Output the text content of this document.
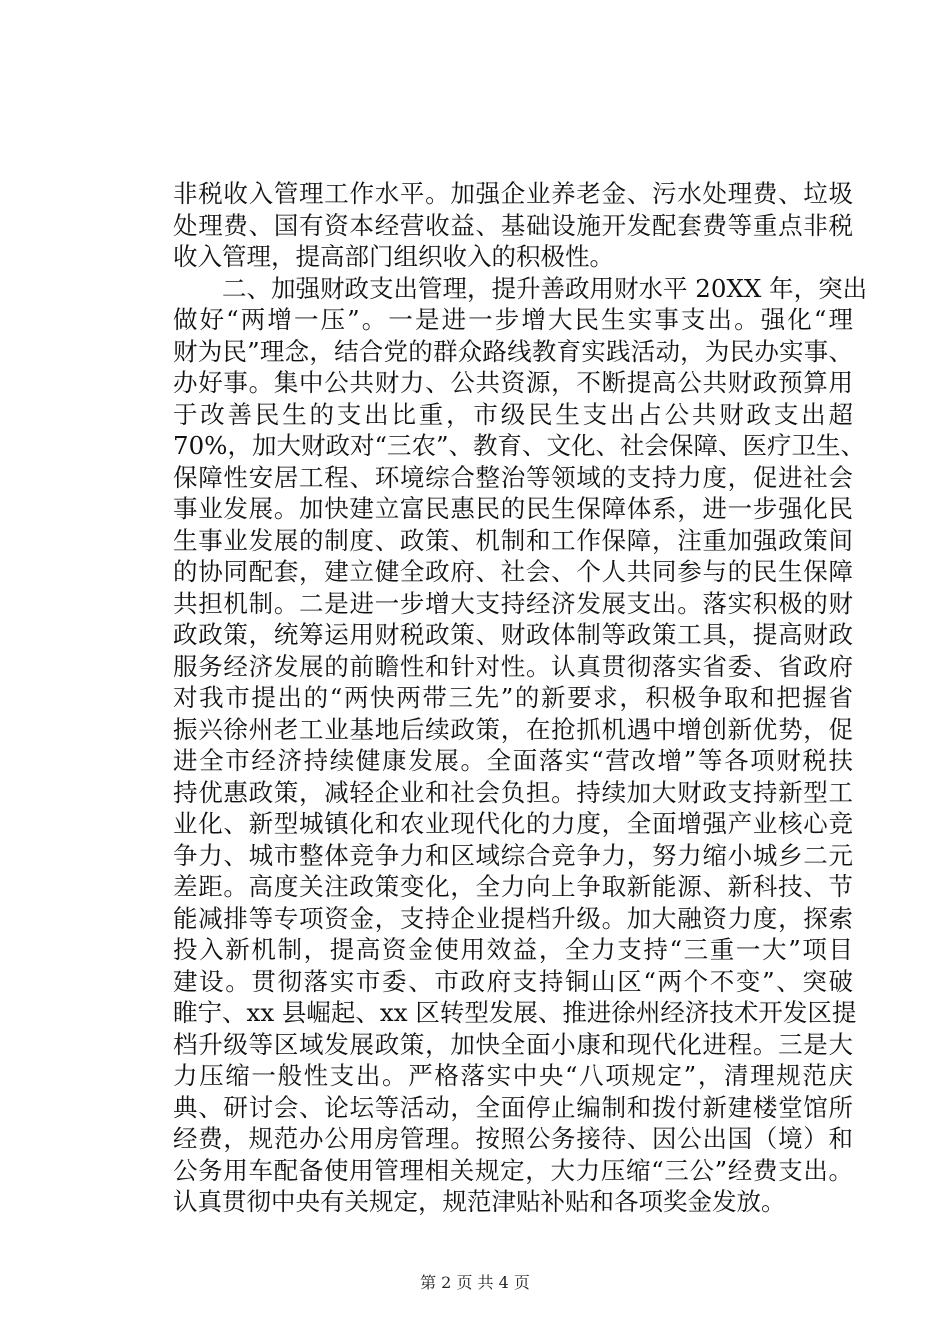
非税收入管理工作水平。加强企业养老金、污水处理费、垃圾
处理费、国有资本经营收益、基础设施开发配套费等重点非税
收入管理，提高部门组织收入的积极性。
　　二、加强财政支出管理，提升善政用财水平 20XX 年，突出
做好“两增一压”。一是进一步增大民生实事支出。强化“理
财为民”理念，结合党的群众路线教育实践活动，为民办实事、
办好事。集中公共财力、公共资源，不断提高公共财政预算用
于改善民生的支出比重，市级民生支出占公共财政支出超
70%，加大财政对“三农”、教育、文化、社会保障、医疗卫生、
保障性安居工程、环境综合整治等领域的支持力度，促进社会
事业发展。加快建立富民惠民的民生保障体系，进一步强化民
生事业发展的制度、政策、机制和工作保障，注重加强政策间
的协同配套，建立健全政府、社会、个人共同参与的民生保障
共担机制。二是进一步增大支持经济发展支出。落实积极的财
政政策，统筹运用财税政策、财政体制等政策工具，提高财政
服务经济发展的前瞻性和针对性。认真贯彻落实省委、省政府
对我市提出的“两快两带三先”的新要求，积极争取和把握省
振兴徐州老工业基地后续政策，在抢抓机遇中增创新优势，促
进全市经济持续健康发展。全面落实“营改增”等各项财税扶
持优惠政策，减轻企业和社会负担。持续加大财政支持新型工
业化、新型城镇化和农业现代化的力度，全面增强产业核心竞
争力、城市整体竞争力和区域综合竞争力，努力缩小城乡二元
差距。高度关注政策变化，全力向上争取新能源、新科技、节
能减排等专项资金，支持企业提档升级。加大融资力度，探索
投入新机制，提高资金使用效益，全力支持“三重一大”项目
建设。贯彻落实市委、市政府支持铜山区“两个不变”、突破
睢宁、xx 县崛起、xx 区转型发展、推进徐州经济技术开发区提
档升级等区域发展政策，加快全面小康和现代化进程。三是大
力压缩一般性支出。严格落实中央“八项规定”，清理规范庆
典、研讨会、论坛等活动，全面停止编制和拨付新建楼堂馆所
经费，规范办公用房管理。按照公务接待、因公出国（境）和
公务用车配备使用管理相关规定，大力压缩“三公”经费支出。
认真贯彻中央有关规定，规范津贴补贴和各项奖金发放。
第 2 页 共 4 页
